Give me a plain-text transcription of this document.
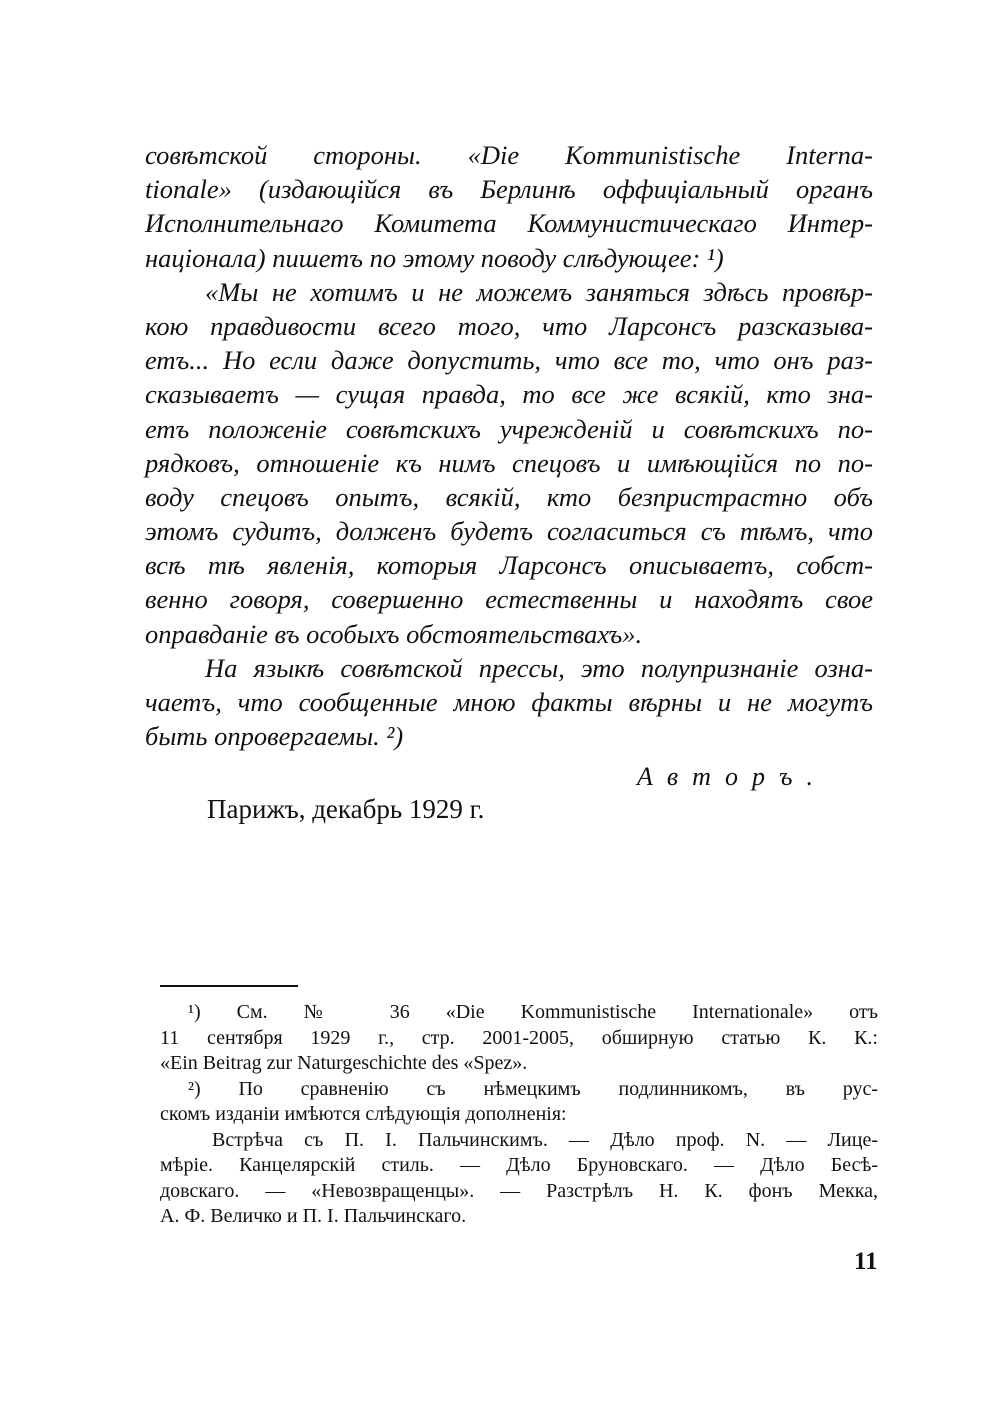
совѣтской стороны. «Die Kommunistische Interna-
tionale» (издающійся въ Берлинѣ оффиціальный органъ
Исполнительнаго Комитета Коммунистическаго Интер-
націонала) пишетъ по этому поводу слѣдующее: ¹)
«Мы не хотимъ и не можемъ заняться здѣсь провѣр-
кою правдивости всего того, что Ларсонсъ разсказыва-
етъ... Но если даже допустить, что все то, что онъ раз-
сказываетъ — сущая правда, то все же всякій, кто зна-
етъ положеніе совѣтскихъ учрежденій и совѣтскихъ по-
рядковъ, отношеніе къ нимъ спецовъ и имѣющійся по по-
воду спецовъ опытъ, всякій, кто безпристрастно объ
этомъ судитъ, долженъ будетъ согласиться съ тѣмъ, что
всѣ тѣ явленія, которыя Ларсонсъ описываетъ, собст-
венно говоря, совершенно естественны и находятъ свое
оправданіе въ особыхъ обстоятельствахъ».
На языкѣ совѣтской прессы, это полупризнаніе озна-
чаетъ, что сообщенные мною факты вѣрны и не могутъ
быть опровергаемы. ²)
Авторъ.
Парижъ, декабрь 1929 г.
¹) См. № 36 «Die Kommunistische Internationale» отъ
11 сентября 1929 г., стр. 2001-2005, обширную статью К. К.:
«Ein Beitrag zur Naturgeschichte des «Spez».
²) По сравненію съ нѣмецкимъ подлинникомъ, въ рус-
скомъ изданіи имѣются слѣдующія дополненія:
Встрѣча съ П. І. Пальчинскимъ. — Дѣло проф. N. — Лице-
мѣріе. Канцелярскій стиль. — Дѣло Бруновскаго. — Дѣло Бесѣ-
довскаго. — «Невозвращенцы». — Разстрѣлъ Н. К. фонъ Мекка,
А. Ф. Величко и П. І. Пальчинскаго.
11
